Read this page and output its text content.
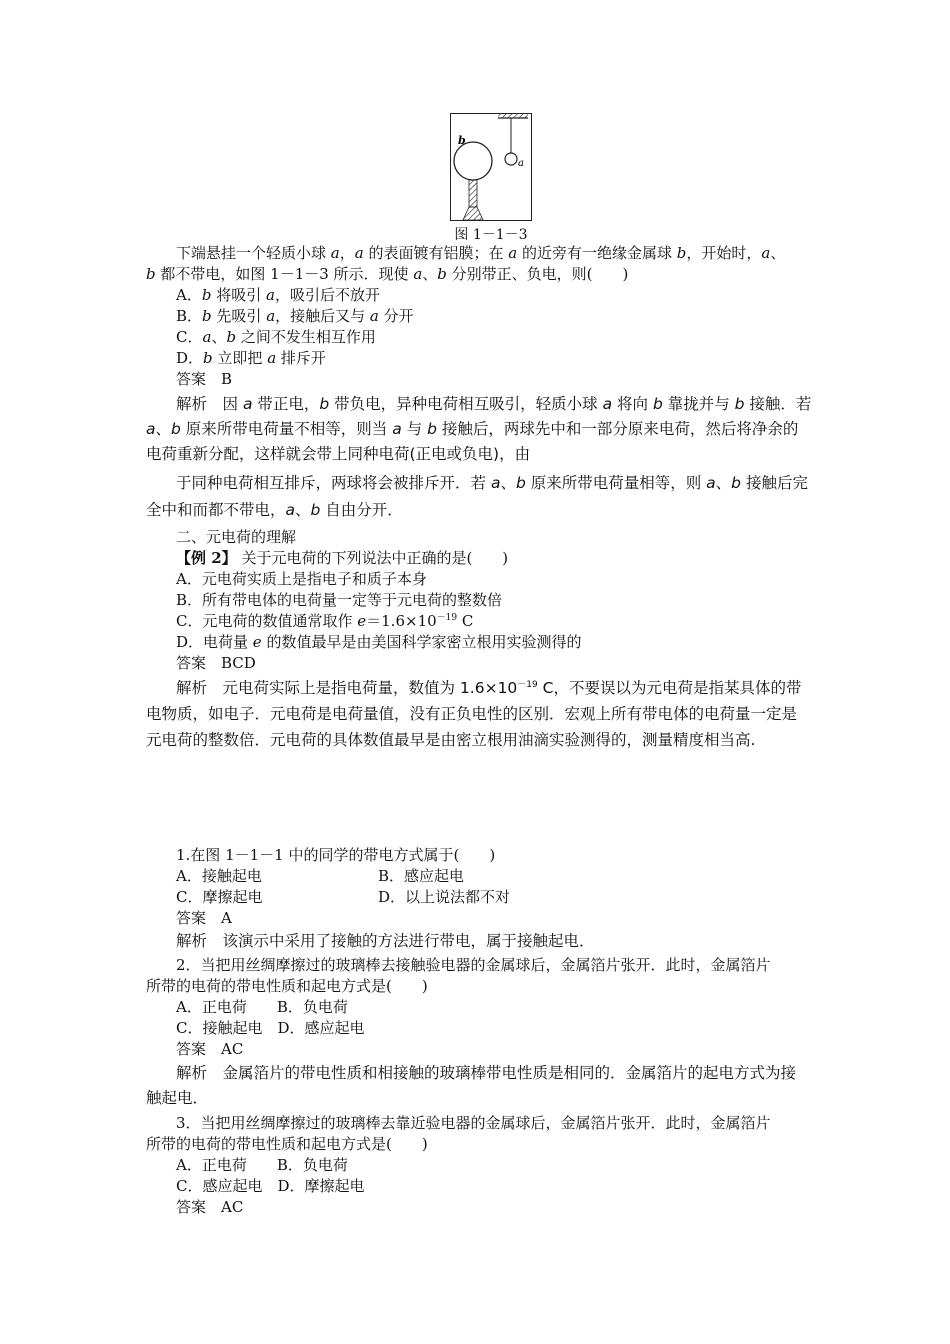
a
b
图 1－1－3
下端悬挂一个轻质小球 a，a 的表面镀有铝膜；在 a 的近旁有一绝缘金属球 b，开始时，a、
b 都不带电，如图 1－1－3 所示．现使 a、b 分别带正、负电，则(　　)
A．b 将吸引 a，吸引后不放开
B．b 先吸引 a，接触后又与 a 分开
C．a、b 之间不发生相互作用
D．b 立即把 a 排斥开
答案　B
解析　因 a 带正电，b 带负电，异种电荷相互吸引，轻质小球 a 将向 b 靠拢并与 b 接触．若
a、b 原来所带电荷量不相等，则当 a 与 b 接触后，两球先中和一部分原来电荷，然后将净余的
电荷重新分配，这样就会带上同种电荷(正电或负电)，由
于同种电荷相互排斥，两球将会被排斥开．若 a、b 原来所带电荷量相等，则 a、b 接触后完
全中和而都不带电，a、b 自由分开．
二、元电荷的理解
【例 2】 关于元电荷的下列说法中正确的是(　　)
A．元电荷实质上是指电子和质子本身
B．所有带电体的电荷量一定等于元电荷的整数倍
C．元电荷的数值通常取作 $e=1.6\times 10^{-19}$ C
D．电荷量 e 的数值最早是由美国科学家密立根用实验测得的
答案　BCD
解析　元电荷实际上是指电荷量，数值为 $1.6\times 10^{-19}$ C，不要误以为元电荷是指某具体的带
电物质，如电子．元电荷是电荷量值，没有正负电性的区别．宏观上所有带电体的电荷量一定是
元电荷的整数倍．元电荷的具体数值最早是由密立根用油滴实验测得的，测量精度相当高.
1.在图 1－1－1 中的同学的带电方式属于(　　)
A．接触起电	B．感应起电
C．摩擦起电	D．以上说法都不对
答案　A
解析　该演示中采用了接触的方法进行带电，属于接触起电．
2．当把用丝绸摩擦过的玻璃棒去接触验电器的金属球后，金属箔片张开．此时，金属箔片
所带的电荷的带电性质和起电方式是(　　)
A．正电荷　　B．负电荷
C．接触起电　D．感应起电
答案　AC
解析　金属箔片的带电性质和相接触的玻璃棒带电性质是相同的．金属箔片的起电方式为接
触起电．
3．当把用丝绸摩擦过的玻璃棒去靠近验电器的金属球后，金属箔片张开．此时，金属箔片
所带的电荷的带电性质和起电方式是(　　)
A．正电荷　　B．负电荷
C．感应起电　D．摩擦起电
答案　AC
